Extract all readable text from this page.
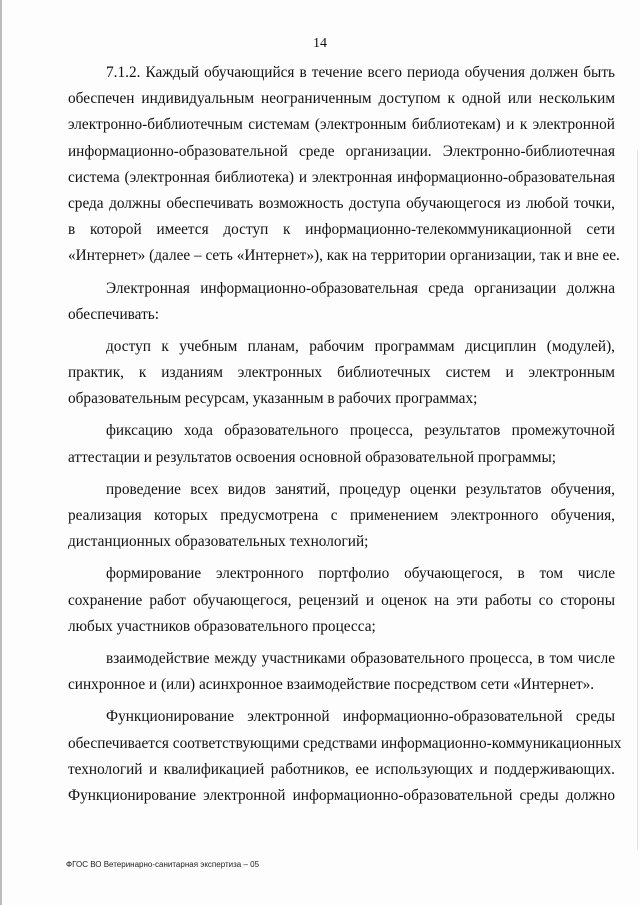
14
7.1.2. Каждый обучающийся в течение всего периода обучения должен быть
обеспечен индивидуальным неограниченным доступом к одной или нескольким
электронно-библиотечным системам (электронным библиотекам) и к электронной
информационно-образовательной среде организации. Электронно-библиотечная
система (электронная библиотека) и электронная информационно-образовательная
среда должны обеспечивать возможность доступа обучающегося из любой точки,
в которой имеется доступ к информационно-телекоммуникационной сети
«Интернет» (далее – сеть «Интернет»), как на территории организации, так и вне ее.
Электронная информационно-образовательная среда организации должна
обеспечивать:
доступ к учебным планам, рабочим программам дисциплин (модулей),
практик, к изданиям электронных библиотечных систем и электронным
образовательным ресурсам, указанным в рабочих программах;
фиксацию хода образовательного процесса, результатов промежуточной
аттестации и результатов освоения основной образовательной программы;
проведение всех видов занятий, процедур оценки результатов обучения,
реализация которых предусмотрена с применением электронного обучения,
дистанционных образовательных технологий;
формирование электронного портфолио обучающегося, в том числе
сохранение работ обучающегося, рецензий и оценок на эти работы со стороны
любых участников образовательного процесса;
взаимодействие между участниками образовательного процесса, в том числе
синхронное и (или) асинхронное взаимодействие посредством сети «Интернет».
Функционирование электронной информационно-образовательной среды
обеспечивается соответствующими средствами информационно-коммуникационных
технологий и квалификацией работников, ее использующих и поддерживающих.
Функционирование электронной информационно-образовательной среды должно
ФГОС ВО Ветеринарно-санитарная экспертиза – 05
